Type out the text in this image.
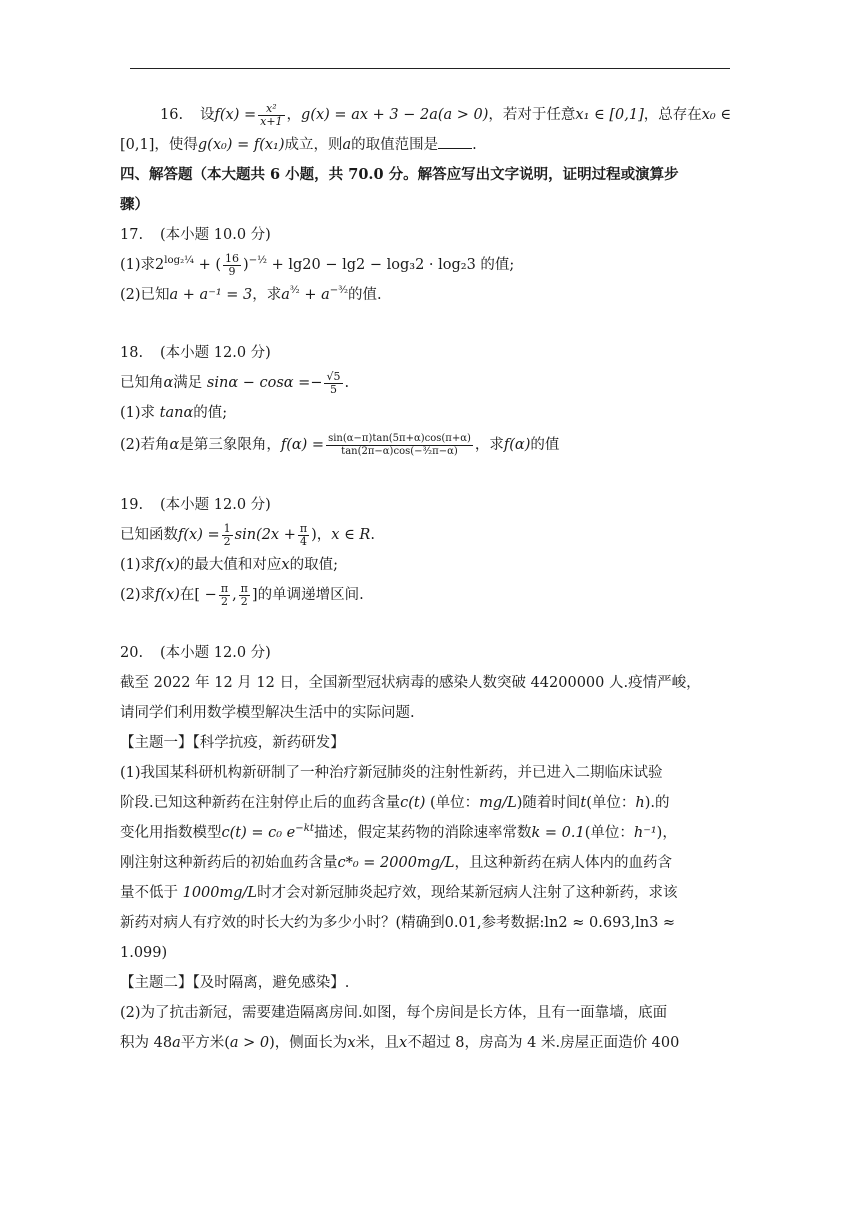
16. 设$f(x) = \frac{\text{x²}}{x+1}$ ，g(x) = ax + 3 − 2a(a > 0)，若对于任意x₁ ∈ [0,1]，总存在x₀ ∈
[0,1]，使得g(x₀) = f(x₁)成立，则a的取值范围是 .
四、解答题（本大题共 6 小题，共 70.0 分。解答应写出文字说明，证明过程或演算步
骤）
17. (本小题 10.0 分)
(1)求$2^{log_2\frac{1}{4}}$ + ( $\frac{16}{9} )^{-\frac{1}{2}} + \lg 20 - \lg 2 - \log_32 \cdot \log_23$ 的值;
(2)已知a + a⁻¹ = 3，求$a^{^3⁄_2} + a^{-^3⁄_2}$的值.
18. (本小题 12.0 分)
已知角α满足 $\sin\alpha - \cos\alpha =- \frac{√5}{5}$ .
(1)求 tanα的值;
(2)若角α是第三象限角，$f(\alpha) = \frac{\sin(\alpha-\pi)\tan(5\pi+\alpha)\cos(\pi+\alpha)}{\text{tan(2π−α)cos(−³⁄₂π−α)}}$ ，求f(α)的值
19. (本小题 12.0 分)
已知函数$f(x) = \frac{1}{2} \sin(2x + \frac{\pi}{4}$ )，x ∈ R.
(1)求f(x)的最大值和对应x的取值;
(2)求f(x)在[ − $\frac{\pi}{2}$ , $\frac{\pi}{2}$ ]的单调递增区间.
20. (本小题 12.0 分)
截至 2022 年 12 月 12 日，全国新型冠状病毒的感染人数突破 44200000 人.疫情严峻，
请同学们利用数学模型解决生活中的实际问题.
【主题一】【科学抗疫，新药研发】
(1)我国某科研机构新研制了一种治疗新冠肺炎的注射性新药，并已进入二期临床试验
阶段.已知这种新药在注射停止后的血药含量c(t) (单位：mg/L)随着时间t(单位：h).的
变化用指数模型c(t) = c₀ $e^{-kt}$描述，假定某药物的消除速率常数k = 0.1(单位：h⁻¹)，
刚注射这种新药后的初始血药含量c*₀ = 2000mg/L，且这种新药在病人体内的血药含
量不低于 1000mg/L时才会对新冠肺炎起疗效，现给某新冠病人注射了这种新药，求该
新药对病人有疗效的时长大约为多少小时？(精确到0.01,参考数据:ln2 ≈ 0.693,ln3 ≈
1.099)
【主题二】【及时隔离，避免感染】.
(2)为了抗击新冠，需要建造隔离房间.如图，每个房间是长方体，且有一面靠墙，底面
积为 48a平方米(a > 0)，侧面长为x米，且x不超过 8，房高为 4 米.房屋正面造价 400
